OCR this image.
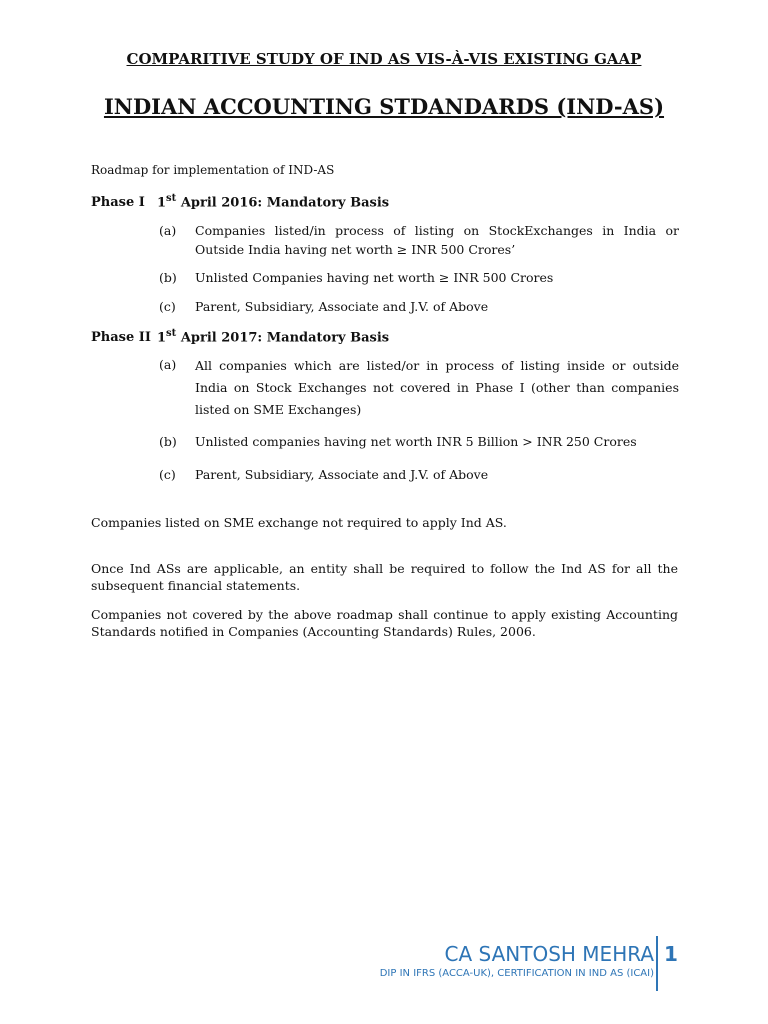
COMPARITIVE STUDY OF IND AS VIS-À-VIS EXISTING GAAP
INDIAN ACCOUNTING STDANDARDS (IND-AS)
Roadmap for implementation of IND-AS
Phase I 1st April 2016: Mandatory Basis
(a)	Companies listed/in process of listing on StockExchanges in India or Outside India having net worth ≥ INR 500 Crores’
(b)	Unlisted Companies having net worth ≥ INR 500 Crores
(c)	Parent, Subsidiary, Associate and J.V. of Above
Phase II 1st April 2017: Mandatory Basis
(a)	All companies which are listed/or in process of listing inside or outside India on Stock Exchanges not covered in Phase I (other than companies listed on SME Exchanges)
(b)	Unlisted companies having net worth INR 5 Billion > INR 250 Crores
(c)	Parent, Subsidiary, Associate and J.V. of Above
Companies listed on SME exchange not required to apply Ind AS.
Once Ind ASs are applicable, an entity shall be required to follow the Ind AS for all the subsequent financial statements.
Companies not covered by the above roadmap shall continue to apply existing Accounting Standards notified in Companies (Accounting Standards) Rules, 2006.
CA SANTOSH MEHRA
DIP IN IFRS (ACCA-UK), CERTIFICATION IN IND AS (ICAI)
1
